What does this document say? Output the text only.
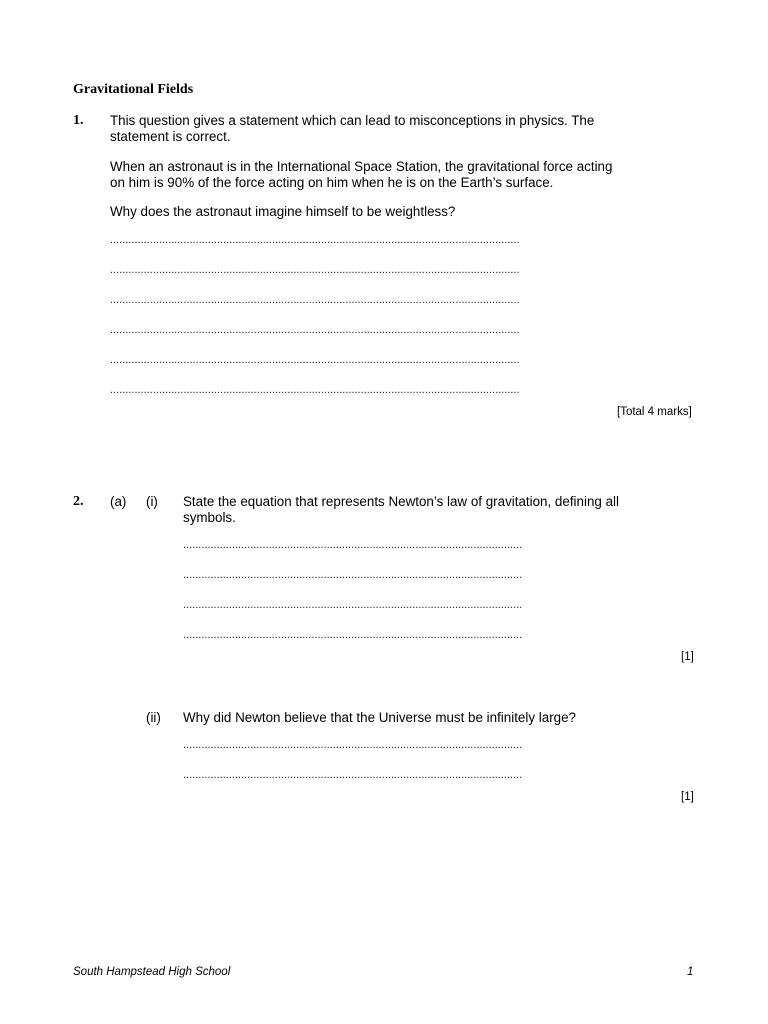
Gravitational Fields
1. This question gives a statement which can lead to misconceptions in physics. The
statement is correct.
When an astronaut is in the International Space Station, the gravitational force acting
on him is 90% of the force acting on him when he is on the Earth’s surface.
Why does the astronaut imagine himself to be weightless?
......................................................................................................................................
......................................................................................................................................
......................................................................................................................................
......................................................................................................................................
......................................................................................................................................
......................................................................................................................................
[Total 4 marks]
2. (a) (i) State the equation that represents Newton’s law of gravitation, defining all
symbols.
...............................................................................................................
...............................................................................................................
...............................................................................................................
...............................................................................................................
[1]
(ii) Why did Newton believe that the Universe must be infinitely large?
...............................................................................................................
...............................................................................................................
[1]
South Hampstead High School	1
